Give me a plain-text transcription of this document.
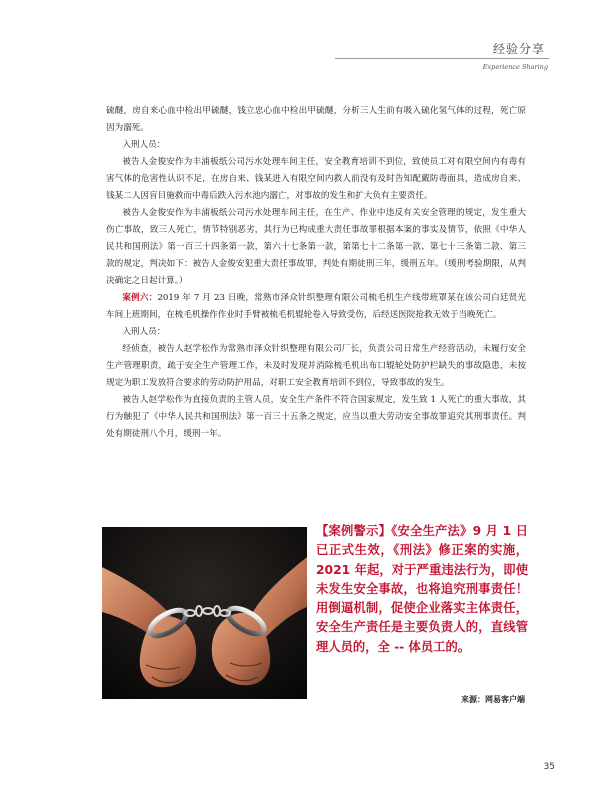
经验分享
Experience Sharing

硫醚，房自来心血中检出甲硫醚，钱立忠心血中检出甲硫醚，分析三人生前有吸入硫化氢气体的过程，死亡原因为溺死。

入刑人员：

被告人金俊安作为丰浦板纸公司污水处理车间主任，安全教育培训不到位，致使员工对有限空间内有毒有害气体的危害性认识不足，在房自来、钱某进入有限空间内救人前没有及时告知配戴防毒面具，造成房自来、钱某二人因盲目施救而中毒后跌入污水池内溺亡，对事故的发生和扩大负有主要责任。

被告人金俊安作为丰浦板纸公司污水处理车间主任，在生产、作业中违反有关安全管理的规定，发生重大伤亡事故，致三人死亡，情节特别恶劣，其行为已构成重大责任事故罪根据本案的事实及情节，依照《中华人民共和国刑法》第一百三十四条第一款，第六十七条第一款，第第七十二条第一款、第七十三条第二款、第三款的规定，判决如下：被告人金俊安犯重大责任事故罪，判处有期徒刑三年，缓刑五年。（缓刑考验期限，从判决确定之日起计算。）

案例六：2019 年 7 月 23 日晚，常熟市泽众针织整理有限公司梳毛机生产线带班罩某在该公司白廷贤光车间上班期间，在梳毛机操作作业时手臂被梳毛机辊轮卷入导致受伤，后经送医院抢救无效于当晚死亡。

入刑人员：

经侦查，被告人赵学松作为常熟市泽众针织整理有限公司厂长，负责公司日常生产经营活动，未履行安全生产管理职责，疏于安全生产管理工作，未及时发现并消除梳毛机出布口辊轮处防护栏缺失的事故隐患，未按规定为职工发放符合要求的劳动防护用品，对职工安全教育培训不到位，导致事故的发生。

被告人赵学松作为直接负责的主管人员，安全生产条件不符合国家规定，发生致 1 人死亡的重大事故，其行为触犯了《中华人民共和国刑法》第一百三十五条之规定，应当以重大劳动安全事故罪追究其刑事责任。判处有期徒刑八个月，缓刑一年。

【案例警示】《安全生产法》9 月 1 日已正式生效，《刑法》修正案的实施，2021 年起，对于严重违法行为，即使未发生安全事故，也将追究刑事责任！用倒逼机制，促使企业落实主体责任，安全生产责任是主要负责人的，直线管理人员的，全 -- 体员工的。
来源：网易客户端
35
